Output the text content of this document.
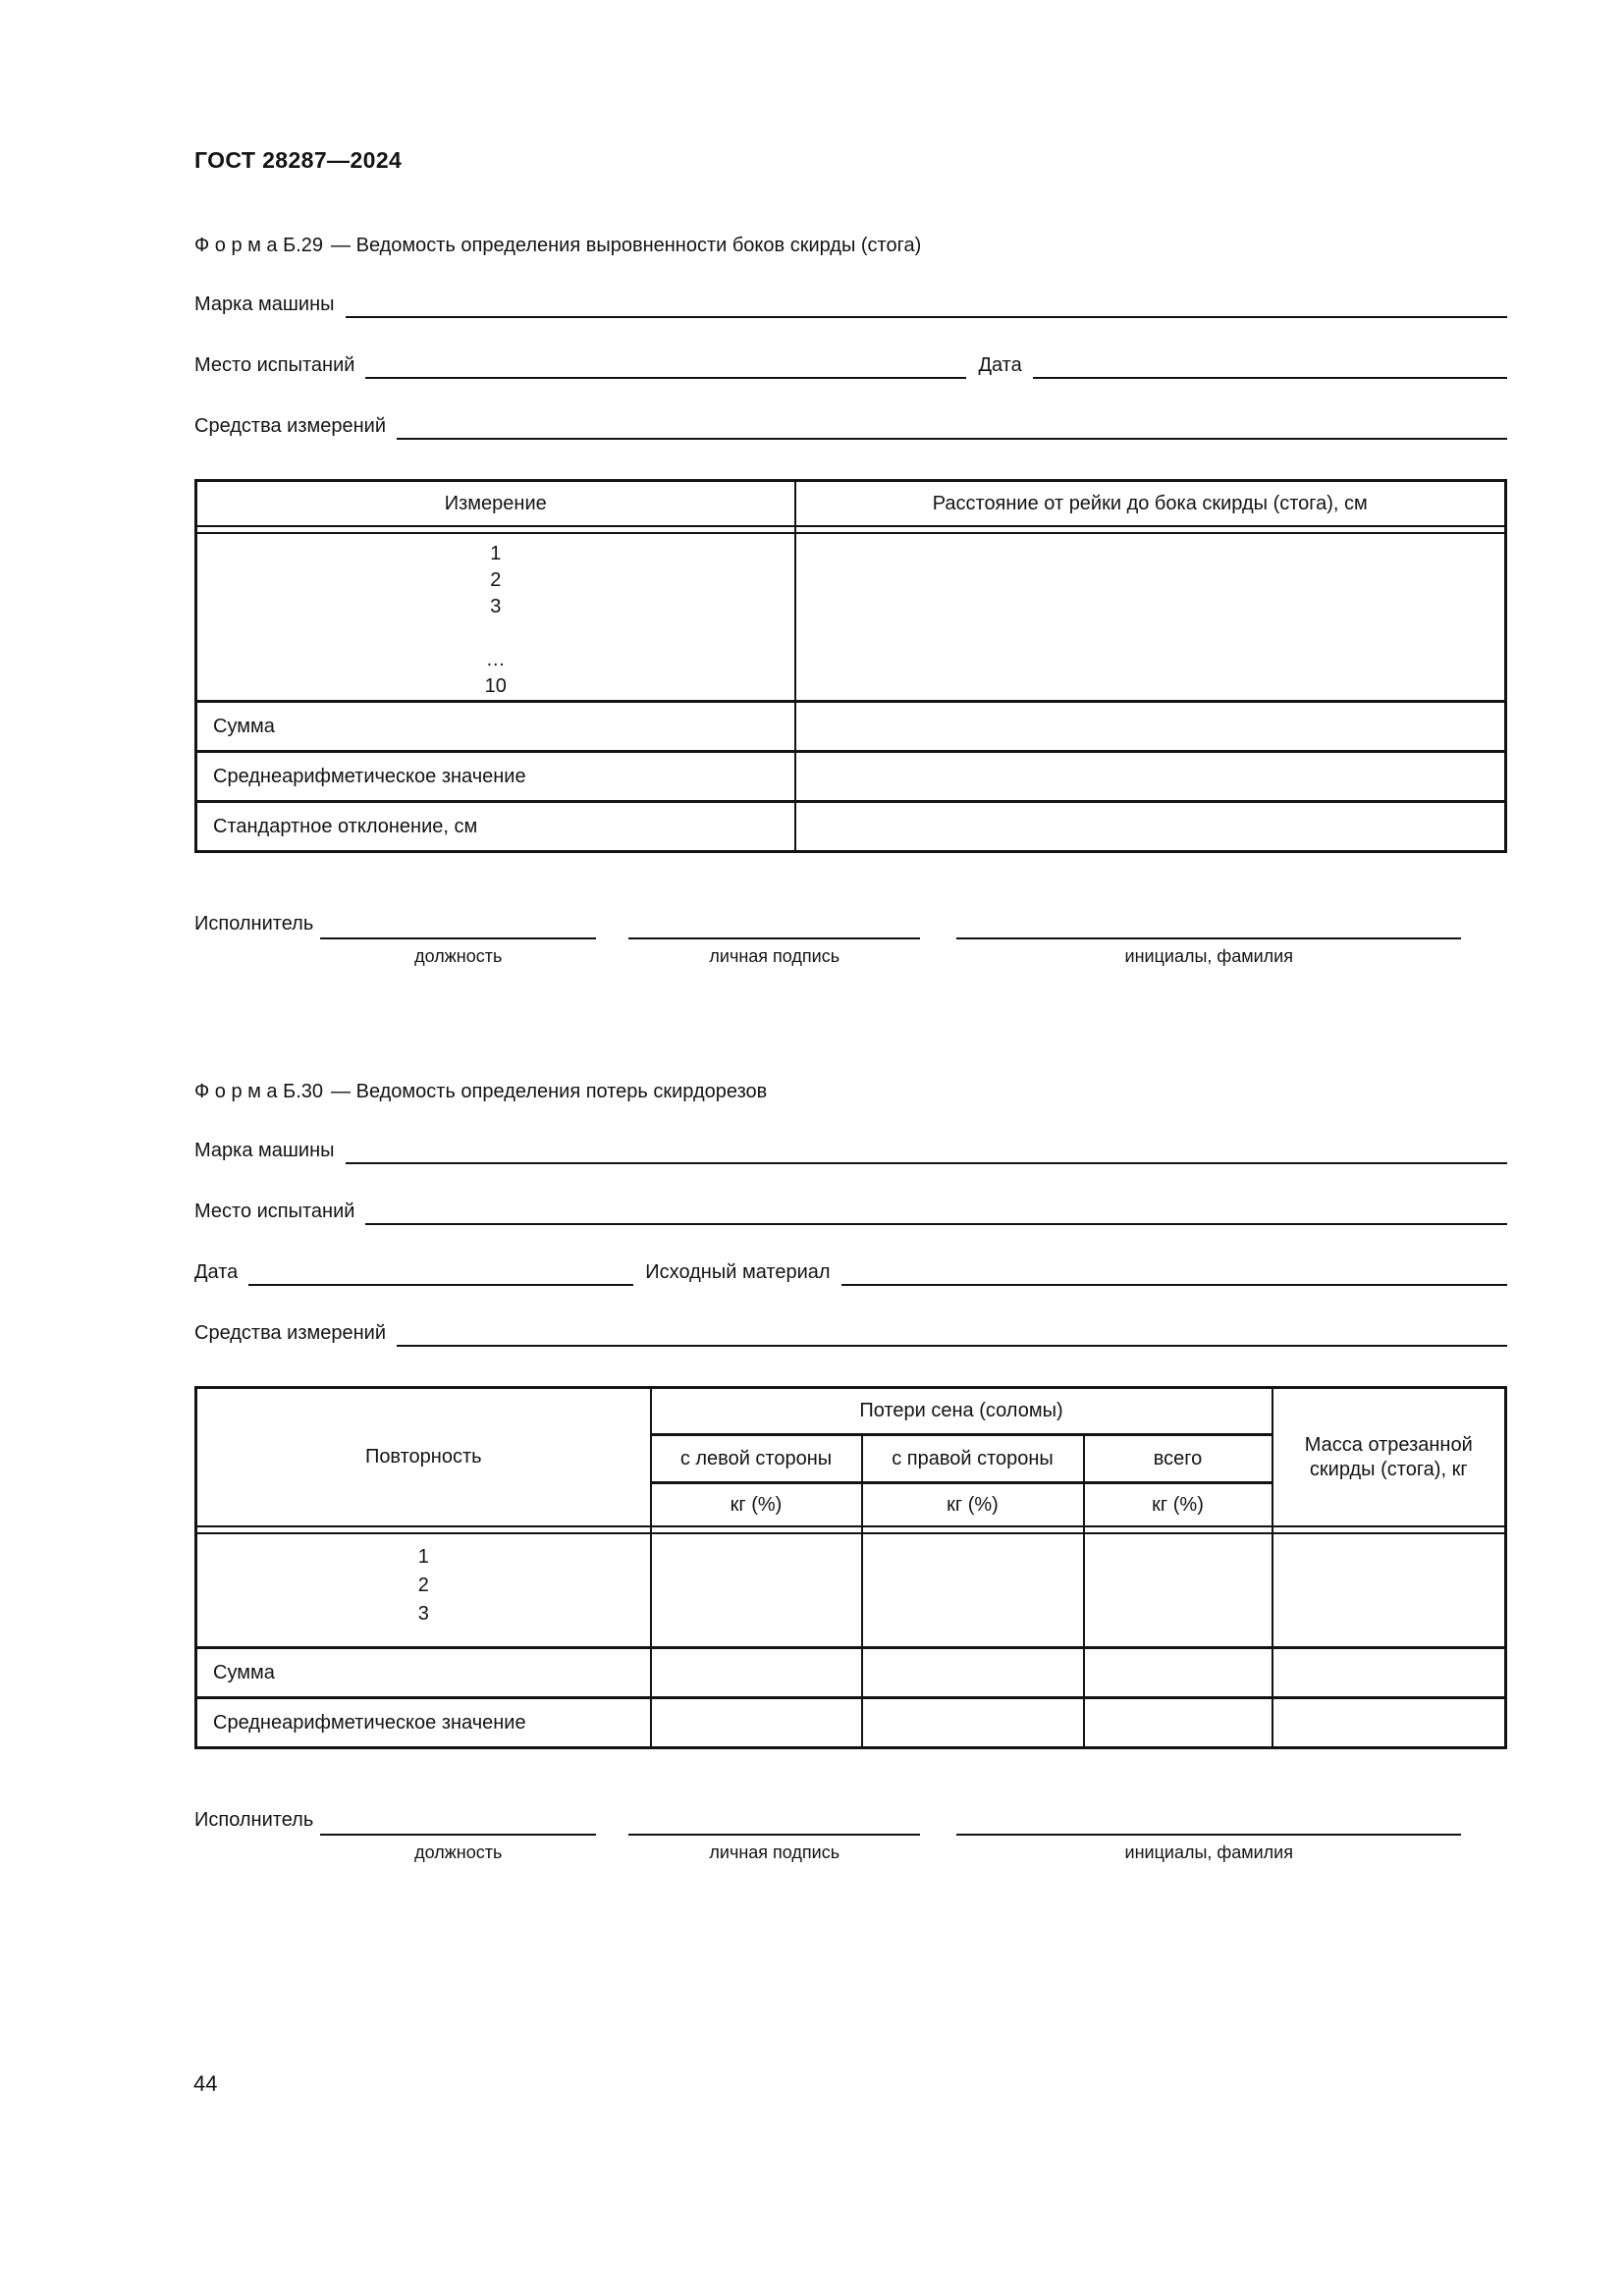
ГОСТ 28287—2024
Ф о р м а Б.29 — Ведомость определения выровненности боков скирды (стога)
Марка машины
Место испытаний	Дата
Средства измерений
Измерение	Расстояние от рейки до бока скирды (стога), см

1
2
3
…
10	

Сумма	
Среднеарифметическое значение	
Стандартное отклонение, см	
Исполнитель
должность	личная подпись	инициалы, фамилия
Ф о р м а Б.30 — Ведомость определения потерь скирдорезов
Марка машины
Место испытаний
Дата	Исходный материал
Средства измерений
Повторность	Потери сена (соломы)			Масса отрезанной скирды (стога), кг
	с левой стороны	с правой стороны	всего	
	кг (%)	кг (%)	кг (%)	

1
2
3				

Сумма				
Среднеарифметическое значение				
Исполнитель
должность	личная подпись	инициалы, фамилия
44
